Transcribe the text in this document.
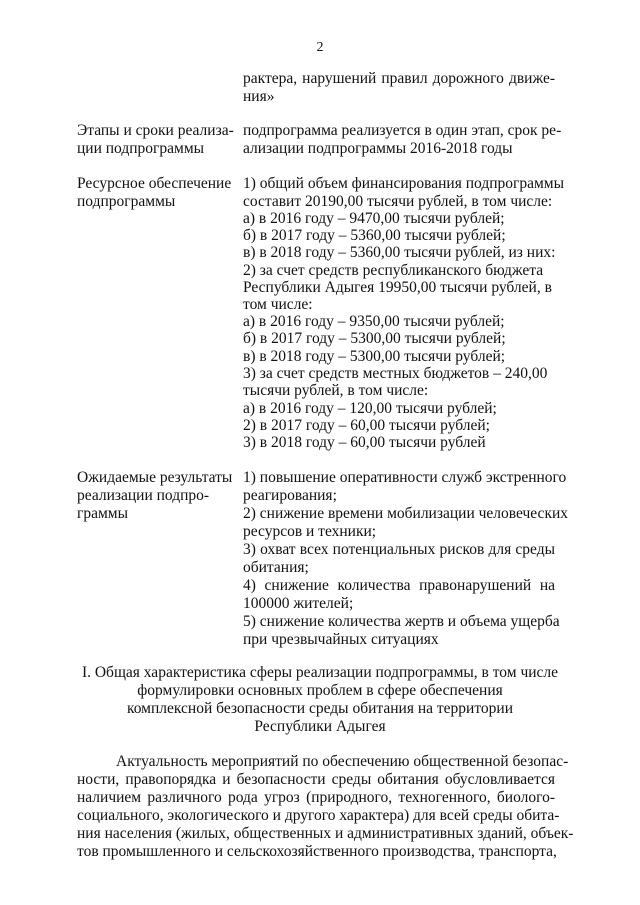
2
рактера, нарушений правил дорожного движе-
ния»
Этапы и сроки реализа-
ции подпрограммы
подпрограмма реализуется в один этап, срок ре-
ализации подпрограммы 2016-2018 годы
Ресурсное обеспечение
подпрограммы
1) общий объем финансирования подпрограммы
составит 20190,00 тысячи рублей, в том числе:
а) в 2016 году – 9470,00 тысячи рублей;
б) в 2017 году – 5360,00 тысячи рублей;
в) в 2018 году – 5360,00 тысячи рублей, из них:
2) за счет средств республиканского бюджета
Республики Адыгея 19950,00 тысячи рублей, в
том числе:
а) в 2016 году – 9350,00 тысячи рублей;
б) в 2017 году – 5300,00 тысячи рублей;
в) в 2018 году – 5300,00 тысячи рублей;
3) за счет средств местных бюджетов – 240,00
тысячи рублей, в том числе:
а) в 2016 году – 120,00 тысячи рублей;
2) в 2017 году – 60,00 тысячи рублей;
3) в 2018 году – 60,00 тысячи рублей
Ожидаемые результаты
реализации подпро-
граммы
1) повышение оперативности служб экстренного
реагирования;
2) снижение времени мобилизации человеческих
ресурсов и техники;
3) охват всех потенциальных рисков для среды
обитания;
4) снижение количества правонарушений на
100000 жителей;
5) снижение количества жертв и объема ущерба
при чрезвычайных ситуациях
I. Общая характеристика сферы реализации подпрограммы, в том числе
формулировки основных проблем в сфере обеспечения
комплексной безопасности среды обитания на территории
Республики Адыгея
Актуальность мероприятий по обеспечению общественной безопас-
ности, правопорядка и безопасности среды обитания обусловливается
наличием различного рода угроз (природного, техногенного, биолого-
социального, экологического и другого характера) для всей среды обита-
ния населения (жилых, общественных и административных зданий, объек-
тов промышленного и сельскохозяйственного производства, транспорта,
